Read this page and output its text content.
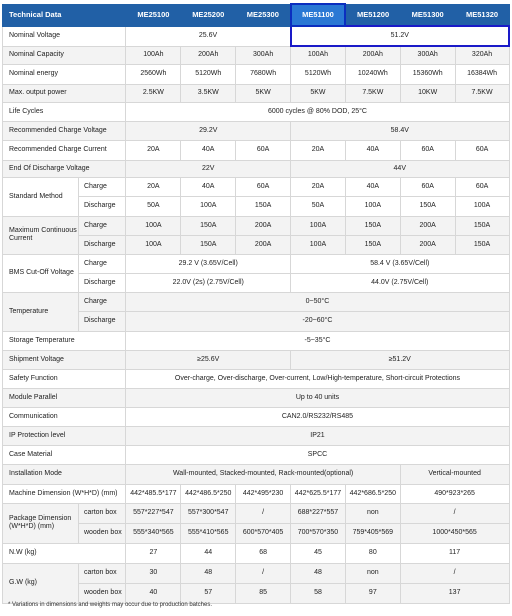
Technical Data		ME25100	ME25200	ME25300	ME51100	ME51200	ME51300	ME51320
Nominal Voltage		25.6V			51.2V			
Nominal Capacity		100Ah	200Ah	300Ah	100Ah	200Ah	300Ah	320Ah
Nominal energy		2560Wh	5120Wh	7680Wh	5120Wh	10240Wh	15360Wh	16384Wh
Max. output power		2.5KW	3.5KW	5KW	5KW	7.5KW	10KW	7.5KW
Life Cycles		6000 cycles @ 80% DOD, 25°C						
Recommended Charge Voltage		29.2V			58.4V			
Recommended Charge Current		20A	40A	60A	20A	40A	60A	60A
End Of Discharge Voltage		22V			44V			
Standard Method	Charge	20A	40A	60A	20A	40A	60A	60A
	Discharge	50A	100A	150A	50A	100A	150A	100A
Maximum Continuous Current	Charge	100A	150A	200A	100A	150A	200A	150A
	Discharge	100A	150A	200A	100A	150A	200A	150A
BMS Cut-Off Voltage	Charge	29.2 V (3.65V/Cell)			58.4 V (3.65V/Cell)			
	Discharge	22.0V (2s) (2.75V/Cell)			44.0V (2.75V/Cell)			
Temperature	Charge	0~50°C						
	Discharge	-20~60°C						
Storage Temperature		-5~35°C						
Shipment Voltage		≥25.6V			≥51.2V			
Safety Function		Over-charge, Over-discharge, Over-current, Low/High-temperature, Short-circuit Protections						
Module Parallel		Up to 40 units						
Communication		CAN2.0/RS232/RS485						
IP Protection level		IP21						
Case Material		SPCC						
Installation Mode		Wall-mounted, Stacked-mounted, Rack-mounted(optional)					Vertical-mounted	
Machine Dimension (W*H*D) (mm)		442*485.5*177	442*486.5*250	442*495*230	442*625.5*177	442*686.5*250	490*923*265	
Package Dimension (W*H*D) (mm)	carton box	557*227*547	557*300*547	/	688*227*557	non	/	
	wooden box	555*340*565	555*410*565	600*570*405	700*570*350	759*405*569	1000*450*565	
N.W (kg)		27	44	68	45	80	117	
G.W (kg)	carton box	30	48	/	48	non	/	
	wooden box	40	57	85	58	97	137	
* Variations in dimensions and weights may occur due to production batches.
